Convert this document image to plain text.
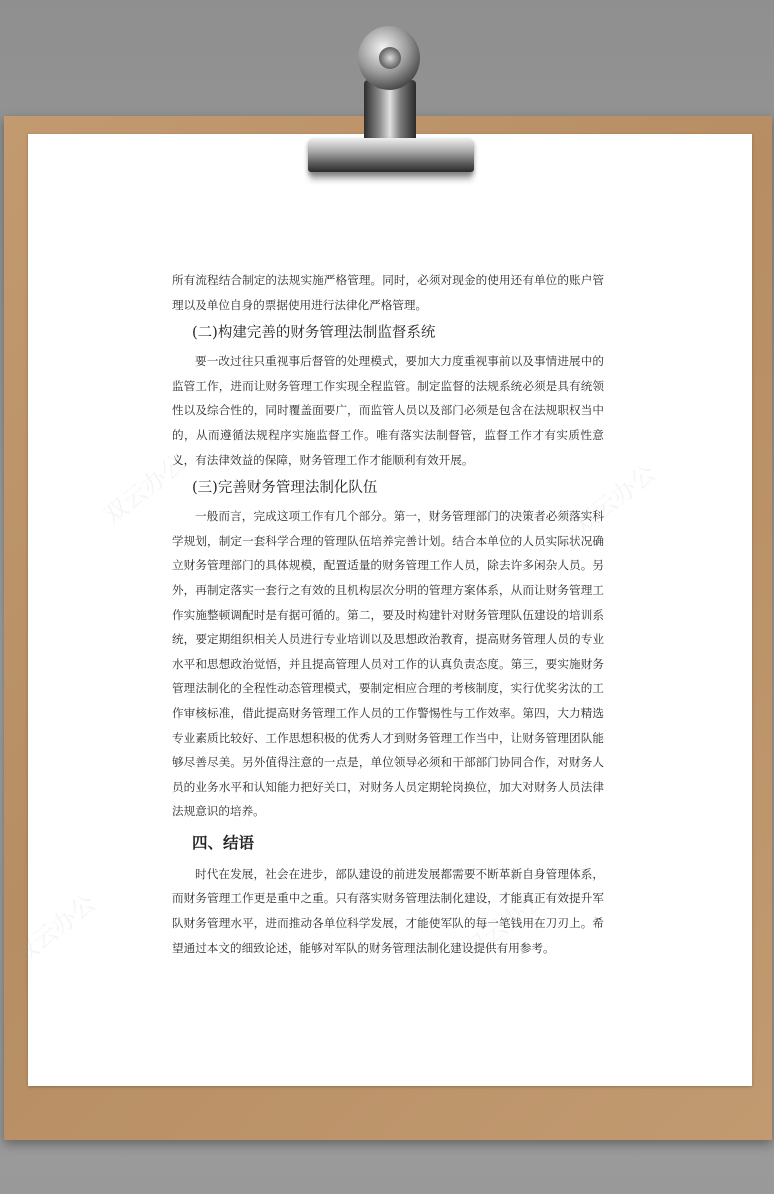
双云办公	双云办公
双云办公	双云办公

所有流程结合制定的法规实施严格管理。同时，必须对现金的使用还有单位的账户管理以及单位自身的票据使用进行法律化严格管理。

(二)构建完善的财务管理法制监督系统

要一改过往只重视事后督管的处理模式，要加大力度重视事前以及事情进展中的监管工作，进而让财务管理工作实现全程监管。制定监督的法规系统必须是具有统领性以及综合性的，同时覆盖面要广，而监管人员以及部门必须是包含在法规职权当中的，从而遵循法规程序实施监督工作。唯有落实法制督管，监督工作才有实质性意义，有法律效益的保障，财务管理工作才能顺利有效开展。

(三)完善财务管理法制化队伍

一般而言，完成这项工作有几个部分。第一，财务管理部门的决策者必须落实科学规划，制定一套科学合理的管理队伍培养完善计划。结合本单位的人员实际状况确立财务管理部门的具体规模，配置适量的财务管理工作人员，除去许多闲杂人员。另外，再制定落实一套行之有效的且机构层次分明的管理方案体系，从而让财务管理工作实施整顿调配时是有据可循的。第二，要及时构建针对财务管理队伍建设的培训系统，要定期组织相关人员进行专业培训以及思想政治教育，提高财务管理人员的专业水平和思想政治觉悟，并且提高管理人员对工作的认真负责态度。第三，要实施财务管理法制化的全程性动态管理模式，要制定相应合理的考核制度，实行优奖劣汰的工作审核标准，借此提高财务管理工作人员的工作警惕性与工作效率。第四，大力精选专业素质比较好、工作思想积极的优秀人才到财务管理工作当中，让财务管理团队能够尽善尽美。另外值得注意的一点是，单位领导必须和干部部门协同合作，对财务人员的业务水平和认知能力把好关口，对财务人员定期轮岗换位，加大对财务人员法律法规意识的培养。

四、结语

时代在发展，社会在进步，部队建设的前进发展都需要不断革新自身管理体系，而财务管理工作更是重中之重。只有落实财务管理法制化建设，才能真正有效提升军队财务管理水平，进而推动各单位科学发展，才能使军队的每一笔钱用在刀刃上。希望通过本文的细致论述，能够对军队的财务管理法制化建设提供有用参考。
